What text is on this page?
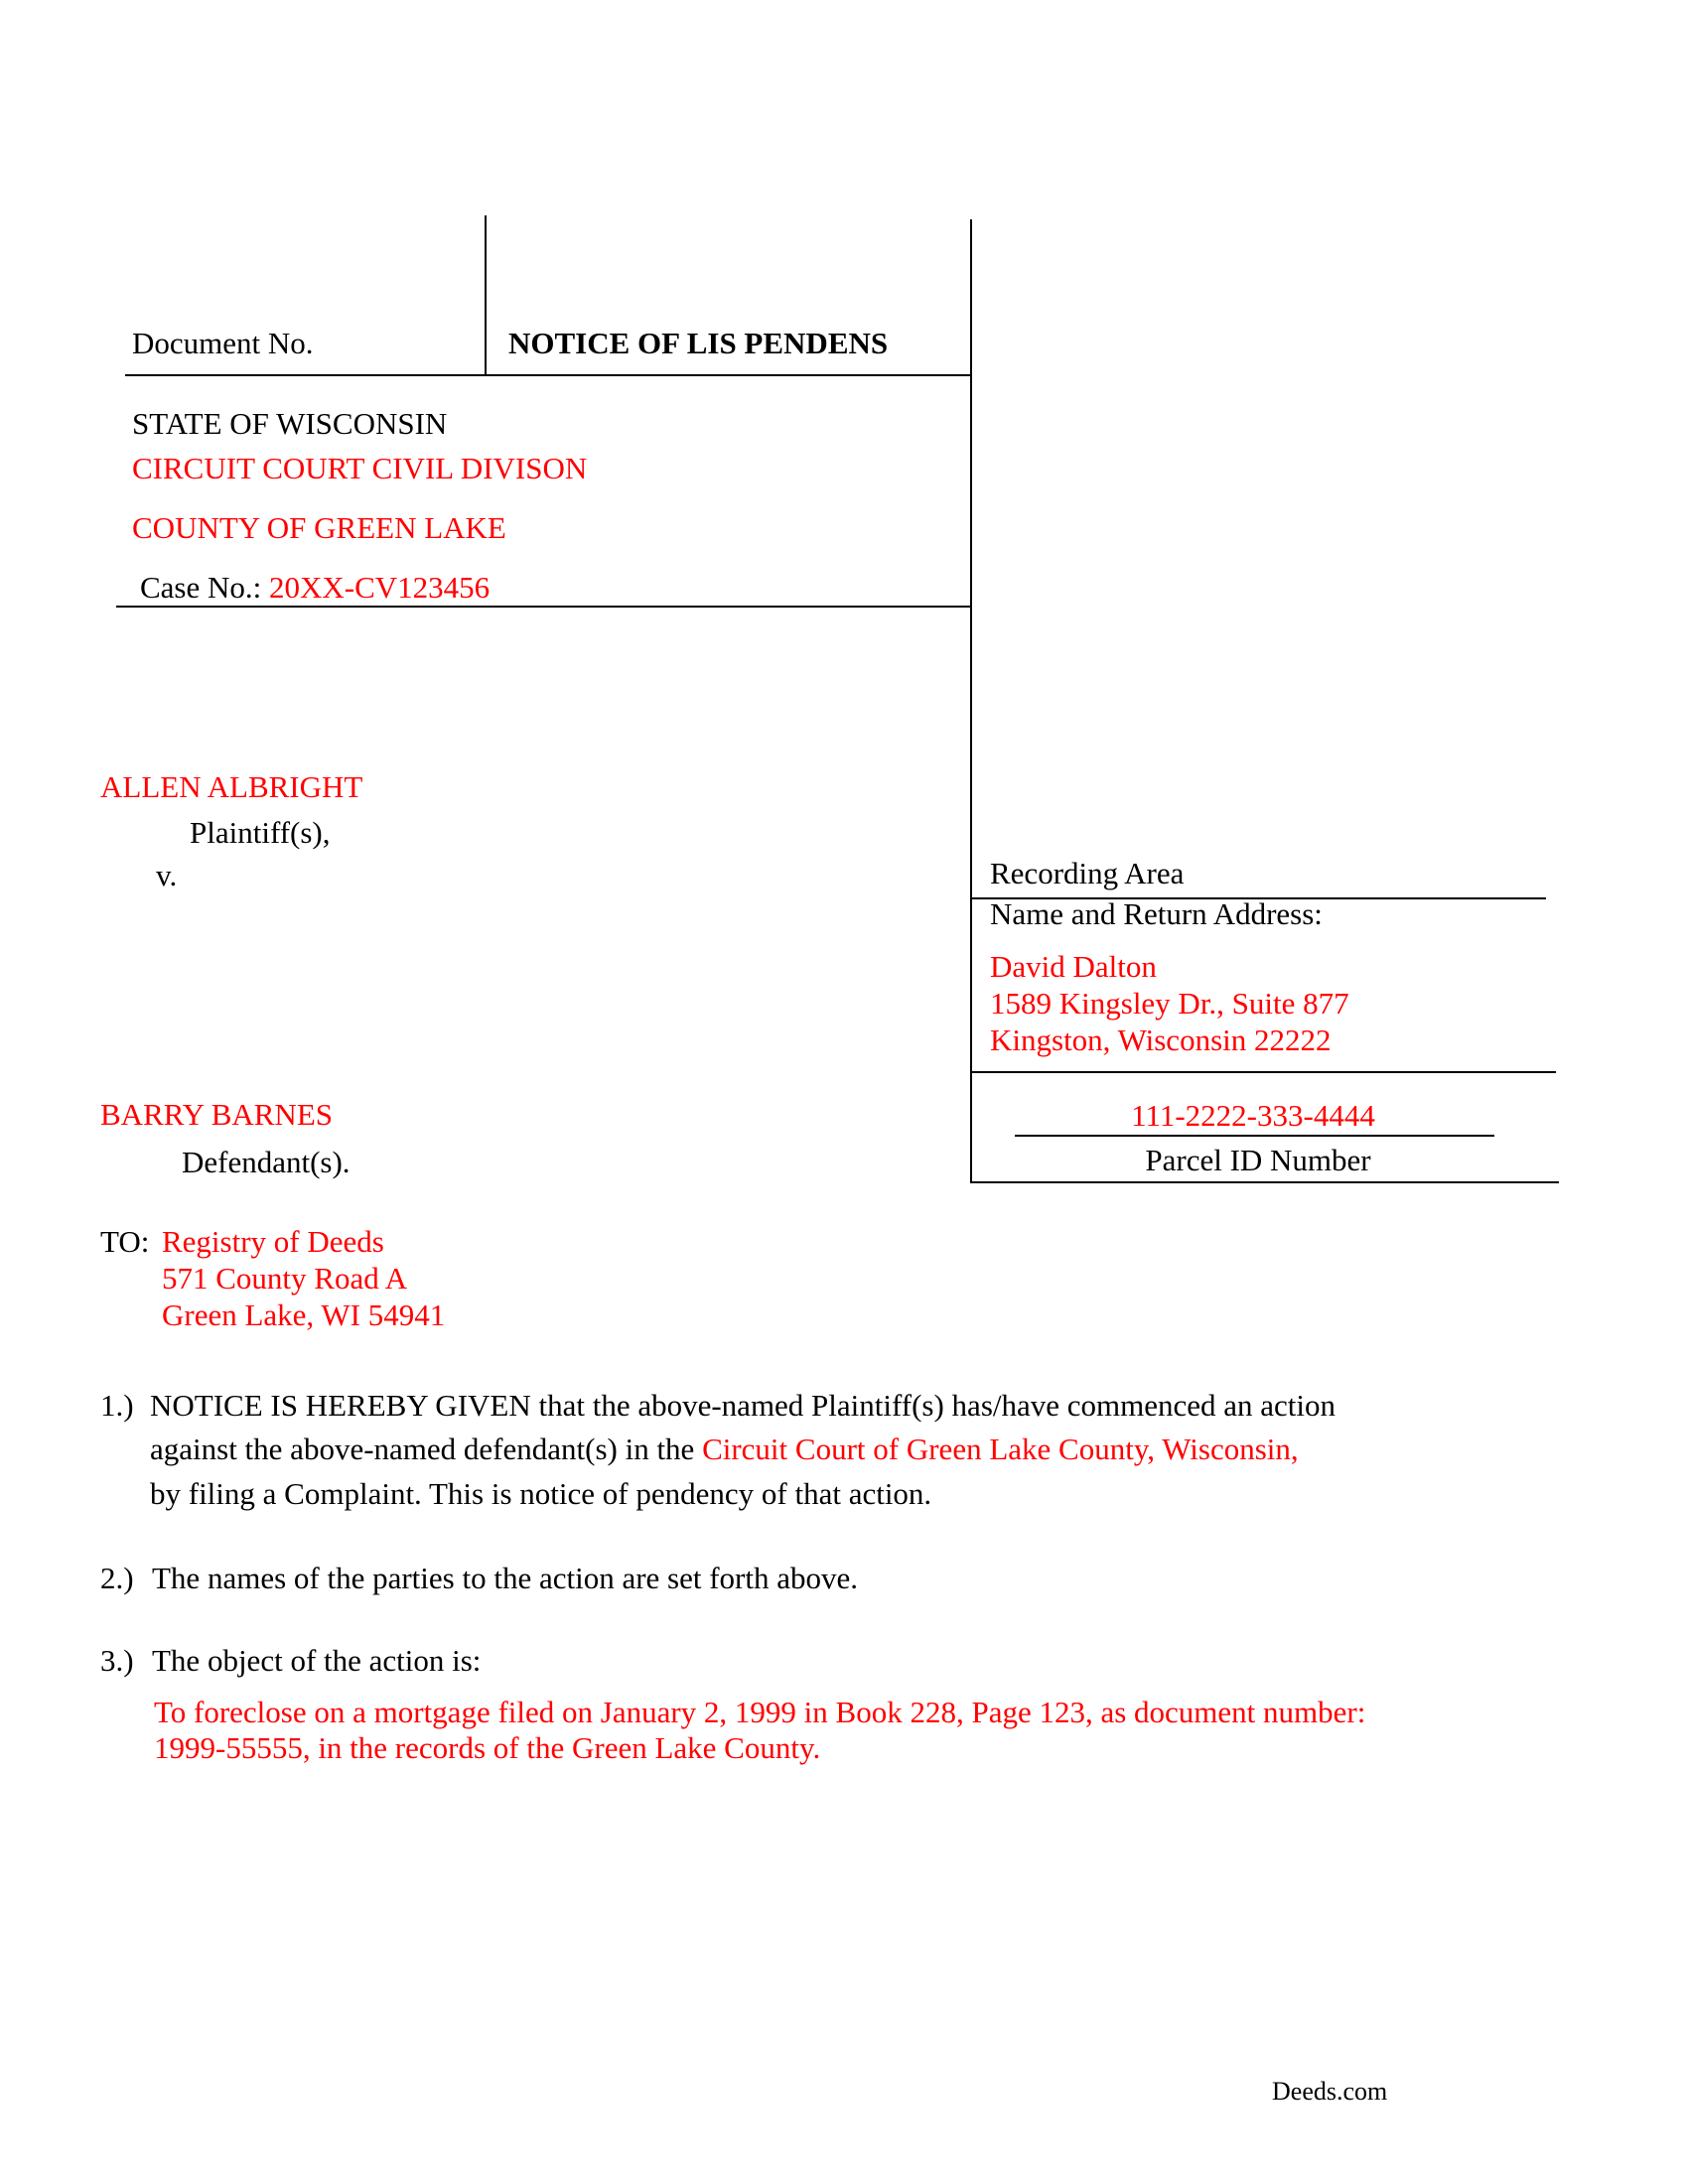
Document No.	NOTICE OF LIS PENDENS
STATE OF WISCONSIN
CIRCUIT COURT CIVIL DIVISON
COUNTY OF GREEN LAKE
Case No.: 20XX-CV123456
ALLEN ALBRIGHT
Plaintiff(s),
v.
BARRY BARNES
Defendant(s).
Recording Area
Name and Return Address:
David Dalton
1589 Kingsley Dr., Suite 877
Kingston, Wisconsin 22222
111-2222-333-4444
Parcel ID Number
TO: Registry of Deeds
571 County Road A
Green Lake, WI 54941
1.) NOTICE IS HEREBY GIVEN that the above-named Plaintiff(s) has/have commenced an action
against the above-named defendant(s) in the Circuit Court of Green Lake County, Wisconsin,
by filing a Complaint. This is notice of pendency of that action.
2.) The names of the parties to the action are set forth above.
3.) The object of the action is:
To foreclose on a mortgage filed on January 2, 1999 in Book 228, Page 123, as document number:
1999-55555, in the records of the Green Lake County.
Deeds.com
